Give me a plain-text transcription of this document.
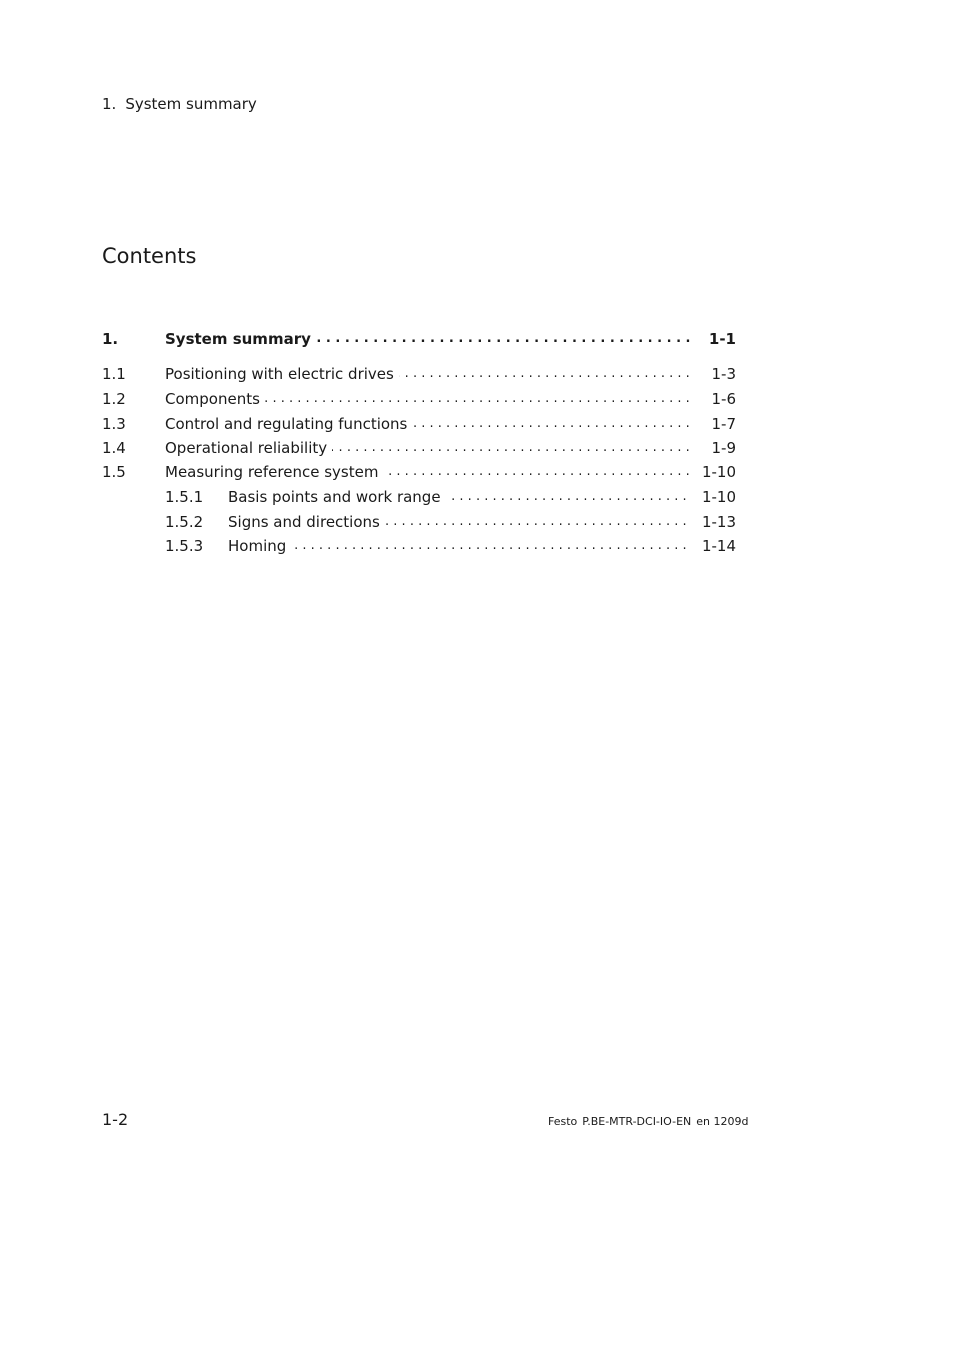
1. System summary
Contents
1.	System summary . . .	1-1
1.1	Positioning with electric drives . . .	1-3
1.2	Components . . .	1-6
1.3	Control and regulating functions . . .	1-7
1.4	Operational reliability . . .	1-9
1.5	Measuring reference system . . .	1-10
1.5.1 Basis points and work range . . .	1-10
1.5.2 Signs and directions . . .	1-13
1.5.3 Homing . . .	1-14
1-2	Festo P.BE-MTR-DCI-IO-EN en 1209d
